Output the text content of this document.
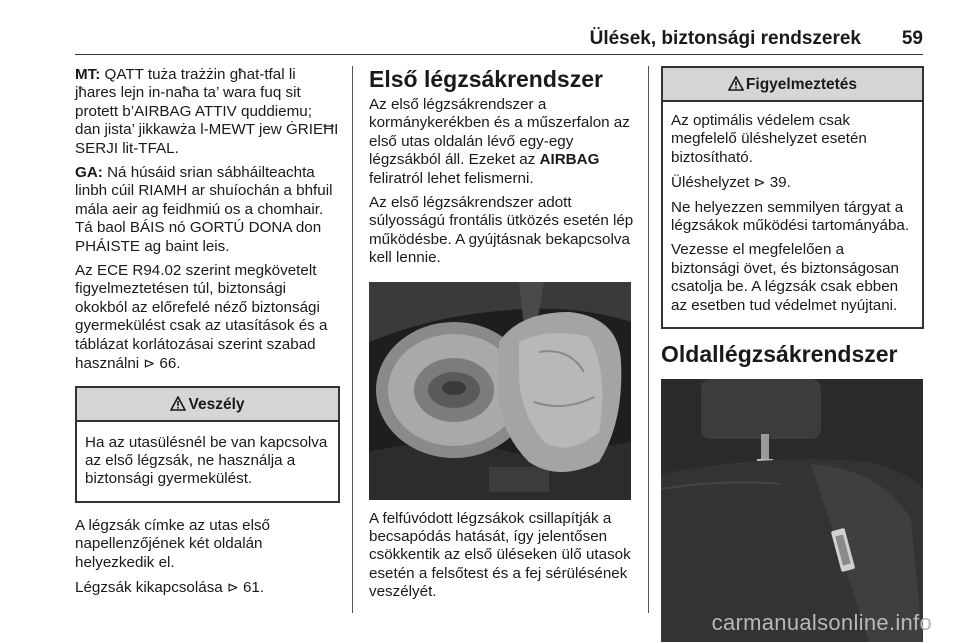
Ülések, biztonsági rendszerek 59

MT: QATT tuża trażżin għat-tfal li jħares lejn in-naħa ta’ wara fuq sit protett b’AIRBAG ATTIV quddiemu; dan jista’ jikkawża l-MEWT jew ĠRIEĦI SERJI lit-TFAL.

GA: Ná húsáid srian sábháilteachta linbh cúil RIAMH ar shuíochán a bhfuil mála aeir ag feidhmiú os a chomhair. Tá baol BÁIS nó GORTÚ DONA don PHÁISTE ag baint leis.

Az ECE R94.02 szerint megkövetelt figyelmeztetésen túl, biztonsági okokból az előrefelé néző biztonsági gyermekülést csak az utasítások és a táblázat korlátozásai szerint szabad használni ⊳ 66.

Veszély

Ha az utasülésnél be van kapcsolva az első légzsák, ne használja a biztonsági gyermekülést.

A légzsák címke az utas első napellenzőjének két oldalán helyezkedik el.

Légzsák kikapcsolása ⊳ 61.

Első légzsákrendszer

Az első légzsákrendszer a kormánykerékben és a műszerfalon az első utas oldalán lévő egy-egy légzsákból áll. Ezeket az AIRBAG feliratról lehet felismerni.

Az első légzsákrendszer adott súlyosságú frontális ütközés esetén lép működésbe. A gyújtásnak bekapcsolva kell lennie.

A felfúvódott légzsákok csillapítják a becsapódás hatását, így jelentősen csökkentik az első üléseken ülő utasok esetén a felsőtest és a fej sérülésének veszélyét.

Figyelmeztetés

Az optimális védelem csak megfelelő üléshelyzet esetén biztosítható.

Üléshelyzet ⊳ 39.

Ne helyezzen semmilyen tárgyat a légzsákok működési tartományába.

Vezesse el megfelelően a biztonsági övet, és biztonságosan csatolja be. A légzsák csak ebben az esetben tud védelmet nyújtani.

Oldallégzsákrendszer
carmanualsonline.info
